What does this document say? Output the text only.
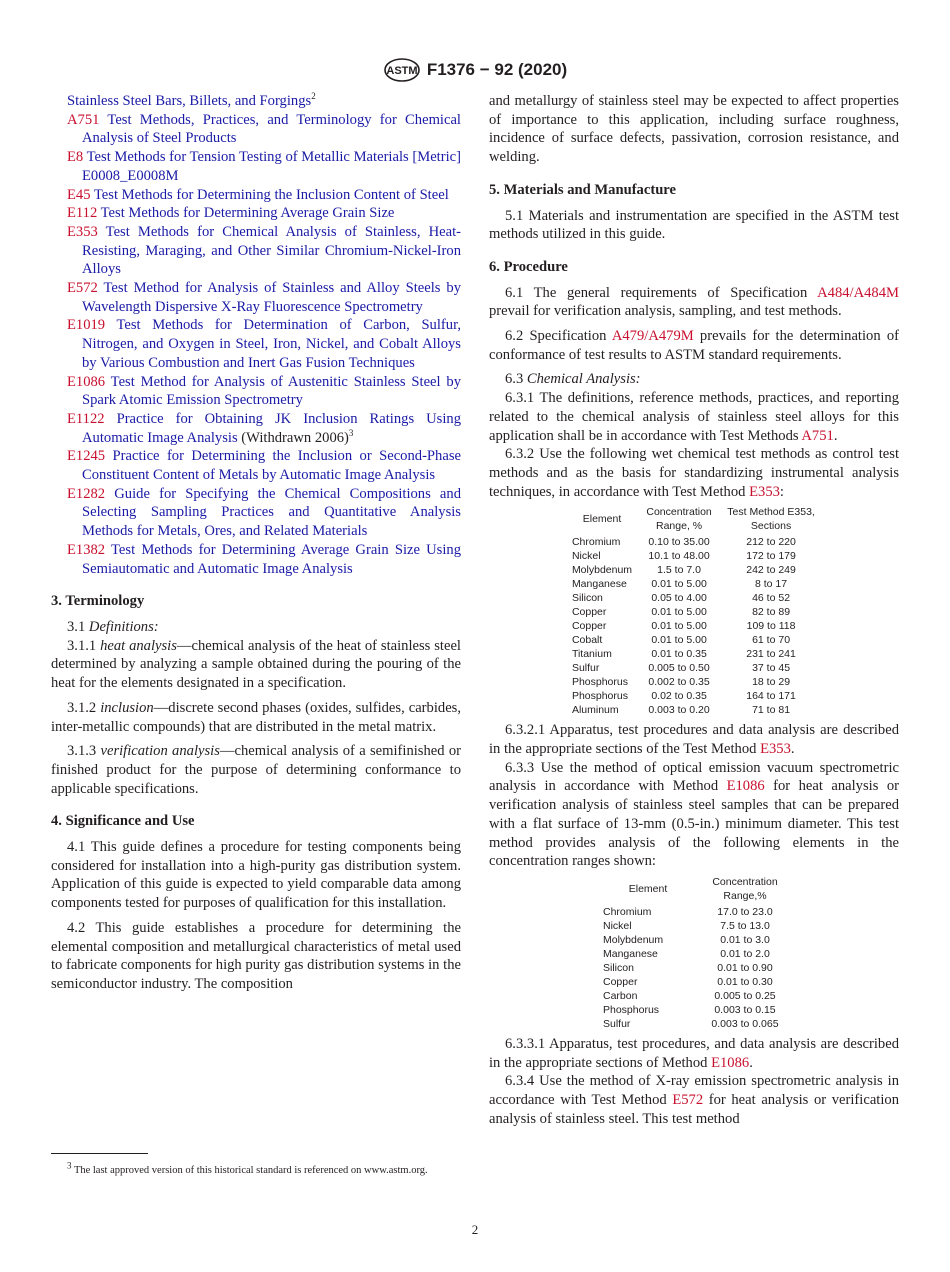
ASTM F1376 − 92 (2020)

Stainless Steel Bars, Billets, and Forgings$^2$

A751 Test Methods, Practices, and Terminology for Chemical Analysis of Steel Products

E8 Test Methods for Tension Testing of Metallic Materials [Metric] E0008_E0008M

E45 Test Methods for Determining the Inclusion Content of Steel

E112 Test Methods for Determining Average Grain Size

E353 Test Methods for Chemical Analysis of Stainless, Heat-Resisting, Maraging, and Other Similar Chromium-Nickel-Iron Alloys

E572 Test Method for Analysis of Stainless and Alloy Steels by Wavelength Dispersive X-Ray Fluorescence Spectrometry

E1019 Test Methods for Determination of Carbon, Sulfur, Nitrogen, and Oxygen in Steel, Iron, Nickel, and Cobalt Alloys by Various Combustion and Inert Gas Fusion Techniques

E1086 Test Method for Analysis of Austenitic Stainless Steel by Spark Atomic Emission Spectrometry

E1122 Practice for Obtaining JK Inclusion Ratings Using Automatic Image Analysis (Withdrawn 2006)$^3$

E1245 Practice for Determining the Inclusion or Second-Phase Constituent Content of Metals by Automatic Image Analysis

E1282 Guide for Specifying the Chemical Compositions and Selecting Sampling Practices and Quantitative Analysis Methods for Metals, Ores, and Related Materials

E1382 Test Methods for Determining Average Grain Size Using Semiautomatic and Automatic Image Analysis

3. Terminology

3.1 Definitions:

3.1.1 heat analysis—chemical analysis of the heat of stainless steel determined by analyzing a sample obtained during the pouring of the heat for the elements designated in a specification.

3.1.2 inclusion—discrete second phases (oxides, sulfides, carbides, inter-metallic compounds) that are distributed in the metal matrix.

3.1.3 verification analysis—chemical analysis of a semifinished or finished product for the purpose of determining conformance to applicable specifications.

4. Significance and Use

4.1 This guide defines a procedure for testing components being considered for installation into a high-purity gas distribution system. Application of this guide is expected to yield comparable data among components tested for purposes of qualification for this installation.

4.2 This guide establishes a procedure for determining the elemental composition and metallurgical characteristics of metal used to fabricate components for high purity gas distribution systems in the semiconductor industry. The composition

and metallurgy of stainless steel may be expected to affect properties of importance to this application, including surface roughness, incidence of surface defects, passivation, corrosion resistance, and welding.

5. Materials and Manufacture

5.1 Materials and instrumentation are specified in the ASTM test methods utilized in this guide.

6. Procedure

6.1 The general requirements of Specification A484/A484M prevail for verification analysis, sampling, and test methods.

6.2 Specification A479/A479M prevails for the determination of conformance of test results to ASTM standard requirements.

6.3 Chemical Analysis:

6.3.1 The definitions, reference methods, practices, and reporting related to the chemical analysis of stainless steel alloys for this application shall be in accordance with Test Methods A751.

6.3.2 Use the following wet chemical test methods as control test methods and as the basis for standardizing instrumental analysis techniques, in accordance with Test Method E353:

Element	Concentration Range, %	Test Method E353, Sections
Chromium	0.10 to 35.00	212 to 220
Nickel	10.1 to 48.00	172 to 179
Molybdenum	1.5 to 7.0	242 to 249
Manganese	0.01 to 5.00	8 to 17
Silicon	0.05 to 4.00	46 to 52
Copper	0.01 to 5.00	82 to 89
Copper	0.01 to 5.00	109 to 118
Cobalt	0.01 to 5.00	61 to 70
Titanium	0.01 to 0.35	231 to 241
Sulfur	0.005 to 0.50	37 to 45
Phosphorus	0.002 to 0.35	18 to 29
Phosphorus	0.02 to 0.35	164 to 171
Aluminum	0.003 to 0.20	71 to 81

6.3.2.1 Apparatus, test procedures and data analysis are described in the appropriate sections of the Test Method E353.

6.3.3 Use the method of optical emission vacuum spectrometric analysis in accordance with Method E1086 for heat analysis or verification analysis of stainless steel samples that can be prepared with a flat surface of 13-mm (0.5-in.) minimum diameter. This test method provides analysis of the following elements in the concentration ranges shown:

Element	Concentration Range,%
Chromium	17.0 to 23.0
Nickel	7.5 to 13.0
Molybdenum	0.01 to 3.0
Manganese	0.01 to 2.0
Silicon	0.01 to 0.90
Copper	0.01 to 0.30
Carbon	0.005 to 0.25
Phosphorus	0.003 to 0.15
Sulfur	0.003 to 0.065

6.3.3.1 Apparatus, test procedures, and data analysis are described in the appropriate sections of Method E1086.

6.3.4 Use the method of X-ray emission spectrometric analysis in accordance with Test Method E572 for heat analysis or verification analysis of stainless steel. This test method

$^3$ The last approved version of this historical standard is referenced on www.astm.org.

2
